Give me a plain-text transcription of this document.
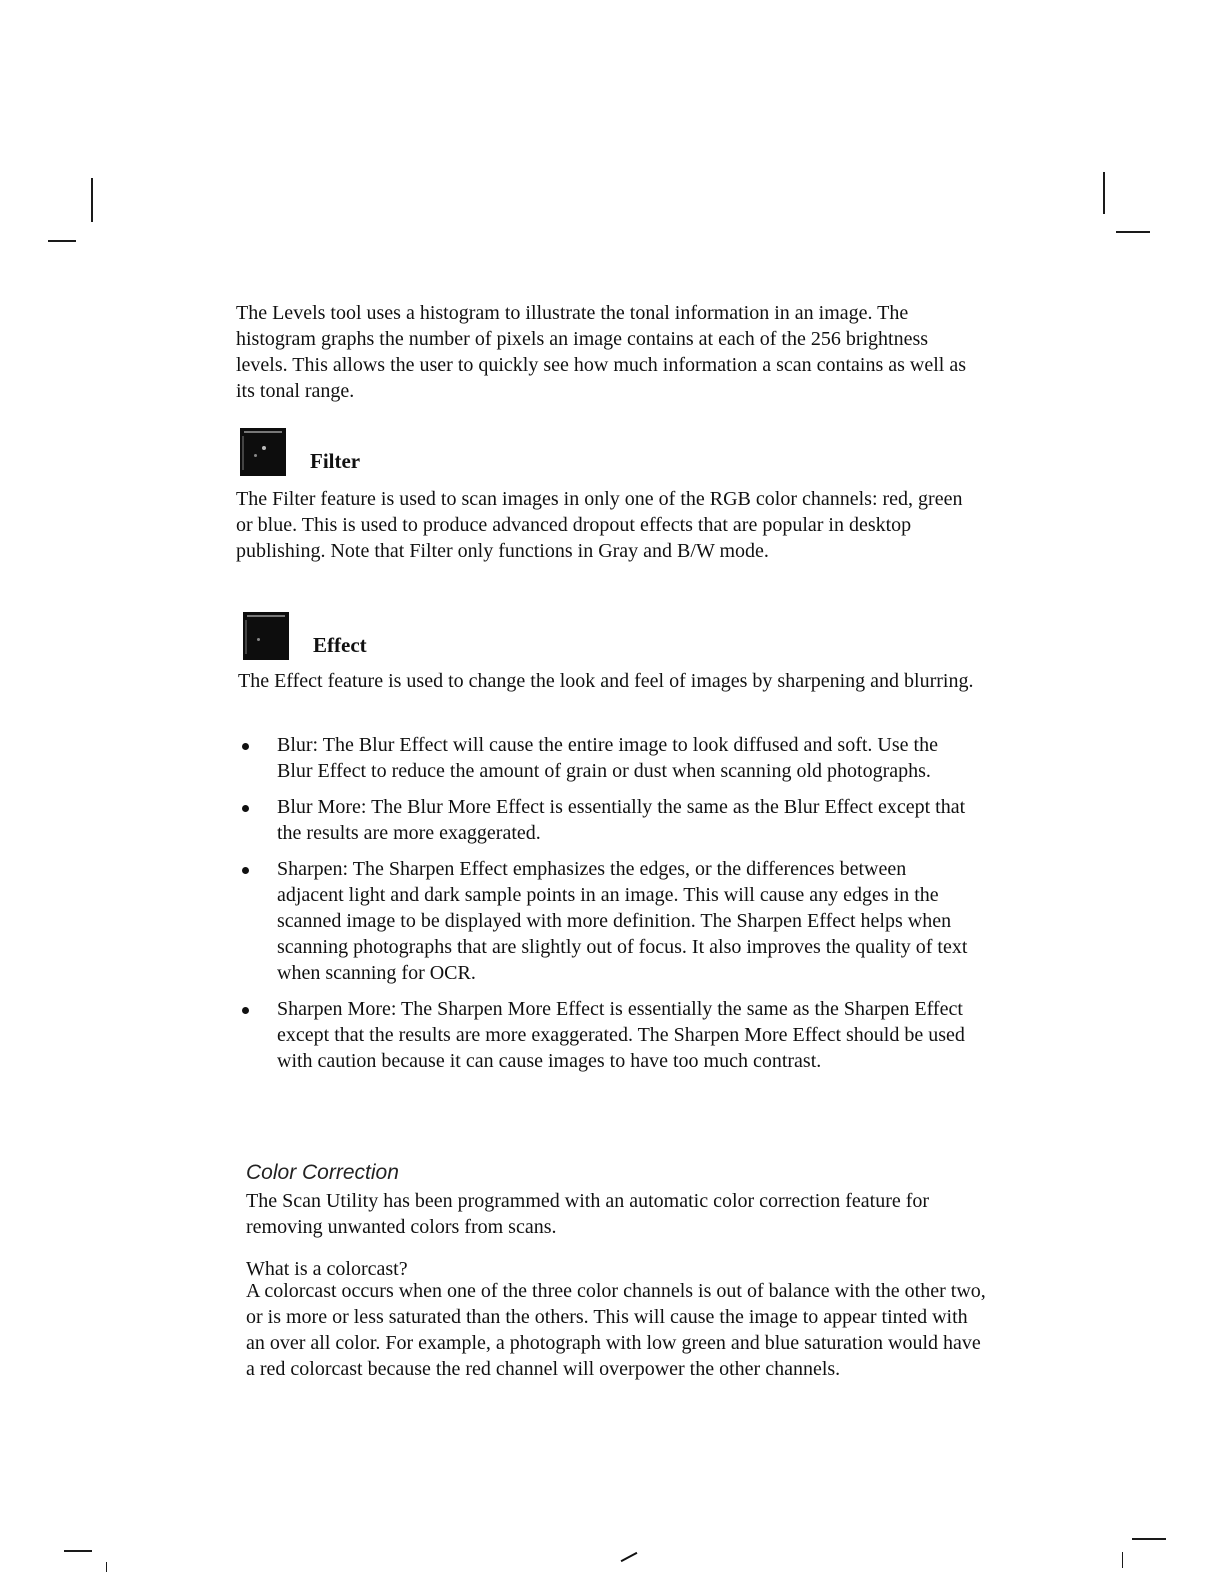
The Levels tool uses a histogram to illustrate the tonal information in an image. The histogram graphs the number of pixels an image contains at each of the 256 brightness levels. This allows the user to quickly see how much information a scan contains as well as its tonal range.

Filter

The Filter feature is used to scan images in only one of the RGB color channels: red, green or blue. This is used to produce advanced dropout effects that are popular in desktop publishing. Note that Filter only functions in Gray and B/W mode.

Effect

The Effect feature is used to change the look and feel of images by sharpening and blurring.

Blur: The Blur Effect will cause the entire image to look diffused and soft. Use the Blur Effect to reduce the amount of grain or dust when scanning old photographs.
Blur More: The Blur More Effect is essentially the same as the Blur Effect except that the results are more exaggerated.
Sharpen: The Sharpen Effect emphasizes the edges, or the differences between adjacent light and dark sample points in an image. This will cause any edges in the scanned image to be displayed with more definition. The Sharpen Effect helps when scanning photographs that are slightly out of focus. It also improves the quality of text when scanning for OCR.
Sharpen More: The Sharpen More Effect is essentially the same as the Sharpen Effect except that the results are more exaggerated. The Sharpen More Effect should be used with caution because it can cause images to have too much contrast.
Color Correction

The Scan Utility has been programmed with an automatic color correction feature for removing unwanted colors from scans.

What is a colorcast?

A colorcast occurs when one of the three color channels is out of balance with the other two, or is more or less saturated than the others. This will cause the image to appear tinted with an over all color. For example, a photograph with low green and blue saturation would have a red colorcast because the red channel will overpower the other channels.
